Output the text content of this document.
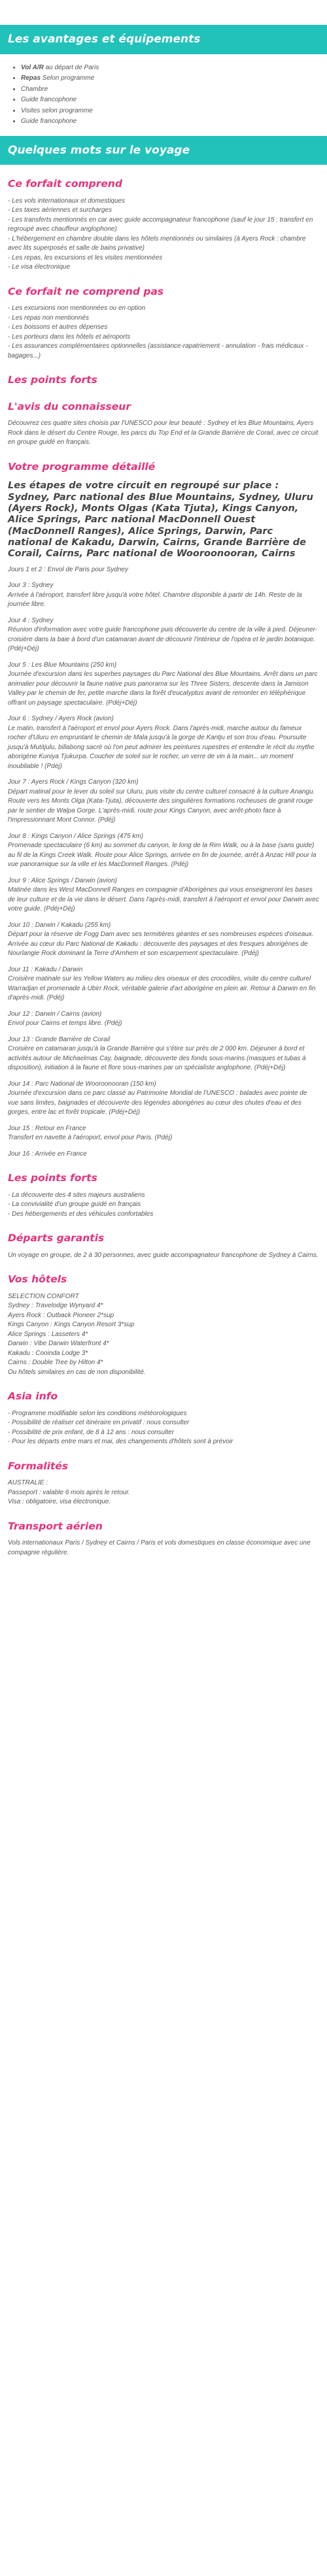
Les avantages et équipements
• Vol A/R au départ de Paris
• Repas Selon programme
• Chambre
• Guide francophone
• Visites selon programme
• Guide francophone
Quelques mots sur le voyage
Ce forfait comprend

- Les vols internationaux et domestiques

- Les taxes aériennes et surcharges

- Les transferts mentionnés en car avec guide accompagnateur francophone (sauf le jour 15 : transfert en regroupé avec chauffeur anglophone)

- L'hébergement en chambre double dans les hôtels mentionnés ou similaires (à Ayers Rock : chambre avec lits superposés et salle de bains privative)

- Les repas, les excursions et les visites mentionnées

- Le visa électronique

Ce forfait ne comprend pas

- Les excursions non mentionnées ou en option

- Les repas non mentionnés

- Les boissons et autres dépenses

- Les porteurs dans les hôtels et aéroports

- Les assurances complémentaires optionnelles (assistance-rapatriement - annulation - frais médicaux - bagages...)

Les points forts
L'avis du connaisseur

Découvrez ces quatre sites choisis par l'UNESCO pour leur beauté : Sydney et les Blue Mountains, Ayers Rock dans le désert du Centre Rouge, les parcs du Top End et la Grande Barrière de Corail, avec ce circuit en groupe guidé en français.

Votre programme détaillé
Les étapes de votre circuit en regroupé sur place : Sydney, Parc national des Blue Mountains, Sydney, Uluru (Ayers Rock), Monts Olgas (Kata Tjuta), Kings Canyon, Alice Springs, Parc national MacDonnell Ouest (MacDonnell Ranges), Alice Springs, Darwin, Parc national de Kakadu, Darwin, Cairns, Grande Barrière de Corail, Cairns, Parc national de Wooroonooran, Cairns

Jours 1 et 2 : Envol de Paris pour Sydney

Jour 3 : Sydney

Arrivée à l'aéroport, transfert libre jusqu'à votre hôtel. Chambre disponible à partir de 14h. Reste de la journée libre.

Jour 4 : Sydney

Réunion d'information avec votre guide francophone puis découverte du centre de la ville à pied. Déjeuner-croisière dans la baie à bord d'un catamaran avant de découvrir l'intérieur de l'opéra et le jardin botanique. (Pdéj+Déj)

Jour 5 : Les Blue Mountains (250 km)

Journée d'excursion dans les superbes paysages du Parc National des Blue Mountains. Arrêt dans un parc animalier pour découvrir la faune native puis panorama sur les Three Sisters, descente dans la Jamison Valley par le chemin de fer, petite marche dans la forêt d'eucalyptus avant de remonter en téléphérique offrant un paysage spectaculaire. (Pdéj+Déj)

Jour 6 : Sydney / Ayers Rock (avion)

Le matin, transfert à l'aéroport et envol pour Ayers Rock. Dans l'après-midi, marche autour du fameux rocher d'Uluru en empruntant le chemin de Mala jusqu'à la gorge de Kantju et son trou d'eau. Poursuite jusqu'à Mutitjulu, billabong sacré où l'on peut admirer les peintures rupestres et entendre le récit du mythe aborigène Kuniya Tjukurpa. Coucher de soleil sur le rocher, un verre de vin à la main... un moment inoubliable ! (Pdéj)

Jour 7 : Ayers Rock / Kings Canyon (320 km)

Départ matinal pour le lever du soleil sur Uluru, puis visite du centre culturel consacré à la culture Anangu. Route vers les Monts Olga (Kata-Tjuta), découverte des singulières formations rocheuses de granit rouge par le sentier de Walpa Gorge. L'après-midi, route pour Kings Canyon, avec arrêt-photo face à l'impressionnant Mont Connor. (Pdéj)

Jour 8 : Kings Canyon / Alice Springs (475 km)

Promenade spectaculaire (6 km) au sommet du canyon, le long de la Rim Walk, ou à la base (sans guide) au fil de la Kings Creek Walk. Route pour Alice Springs, arrivée en fin de journée, arrêt à Anzac Hill pour la vue panoramique sur la ville et les MacDonnell Ranges. (Pdéj)

Jour 9 : Alice Springs / Darwin (avion)

Matinée dans les West MacDonnell Ranges en compagnie d'Aborigènes qui vous enseigneront les bases de leur culture et de la vie dans le désert. Dans l'après-midi, transfert à l'aéroport et envol pour Darwin avec votre guide. (Pdéj+Déj)

Jour 10 : Darwin / Kakadu (255 km)

Départ pour la réserve de Fogg Dam avec ses termitières géantes et ses nombreuses espèces d'oiseaux. Arrivée au cœur du Parc National de Kakadu : découverte des paysages et des fresques aborigènes de Nourlangie Rock dominant la Terre d'Arnhem et son escarpement spectaculaire. (Pdéj)

Jour 11 : Kakadu / Darwin

Croisière matinale sur les Yellow Waters au milieu des oiseaux et des crocodiles, visite du centre culturel Warradjan et promenade à Ubirr Rock, véritable galerie d'art aborigène en plein air. Retour à Darwin en fin d'après-midi. (Pdéj)

Jour 12 : Darwin / Cairns (avion)

Envol pour Cairns et temps libre. (Pdéj)

Jour 13 : Grande Barrière de Corail

Croisière en catamaran jusqu'à la Grande Barrière qui s'étire sur près de 2 000 km. Déjeuner à bord et activités autour de Michaelmas Cay, baignade, découverte des fonds sous-marins (masques et tubas à disposition), initiation à la faune et flore sous-marines par un spécialiste anglophone. (Pdéj+Déj)

Jour 14 : Parc National de Wooroonooran (150 km)

Journée d'excursion dans ce parc classé au Patrimoine Mondial de l'UNESCO : balades avec pointe de vue sans limites, baignades et découverte des légendes aborigènes au cœur des chutes d'eau et des gorges, entre lac et forêt tropicale. (Pdéj+Déj)

Jour 15 : Retour en France

Transfert en navette à l'aéroport, envol pour Paris. (Pdéj)

Jour 16 : Arrivée en France

Les points forts

- La découverte des 4 sites majeurs australiens

- La convivialité d'un groupe guidé en français

- Des hébergements et des véhicules confortables

Départs garantis

Un voyage en groupe, de 2 à 30 personnes, avec guide accompagnateur francophone de Sydney à Cairns.

Vos hôtels

SELECTION CONFORT

Sydney : Travelodge Wynyard 4*

Ayers Rock : Outback Pioneer 2*sup

Kings Canyon : Kings Canyon Resort 3*sup

Alice Springs : Lasseters 4*

Darwin : Vibe Darwin Waterfront 4*

Kakadu : Cooinda Lodge 3*

Cairns : Double Tree by Hilton 4*

Ou hôtels similaires en cas de non disponibilité.

Asia info

- Programme modifiable selon les conditions météorologiques

- Possibilité de réaliser cet itinéraire en privatif : nous consulter

- Possibilité de prix enfant, de 8 à 12 ans : nous consulter

- Pour les départs entre mars et mai, des changements d'hôtels sont à prévoir

Formalités

AUSTRALIE :

Passeport : valable 6 mois après le retour.

Visa : obligatoire, visa électronique.

Transport aérien

Vols internationaux Paris / Sydney et Cairns / Paris et vols domestiques en classe économique avec une compagnie régulière.
